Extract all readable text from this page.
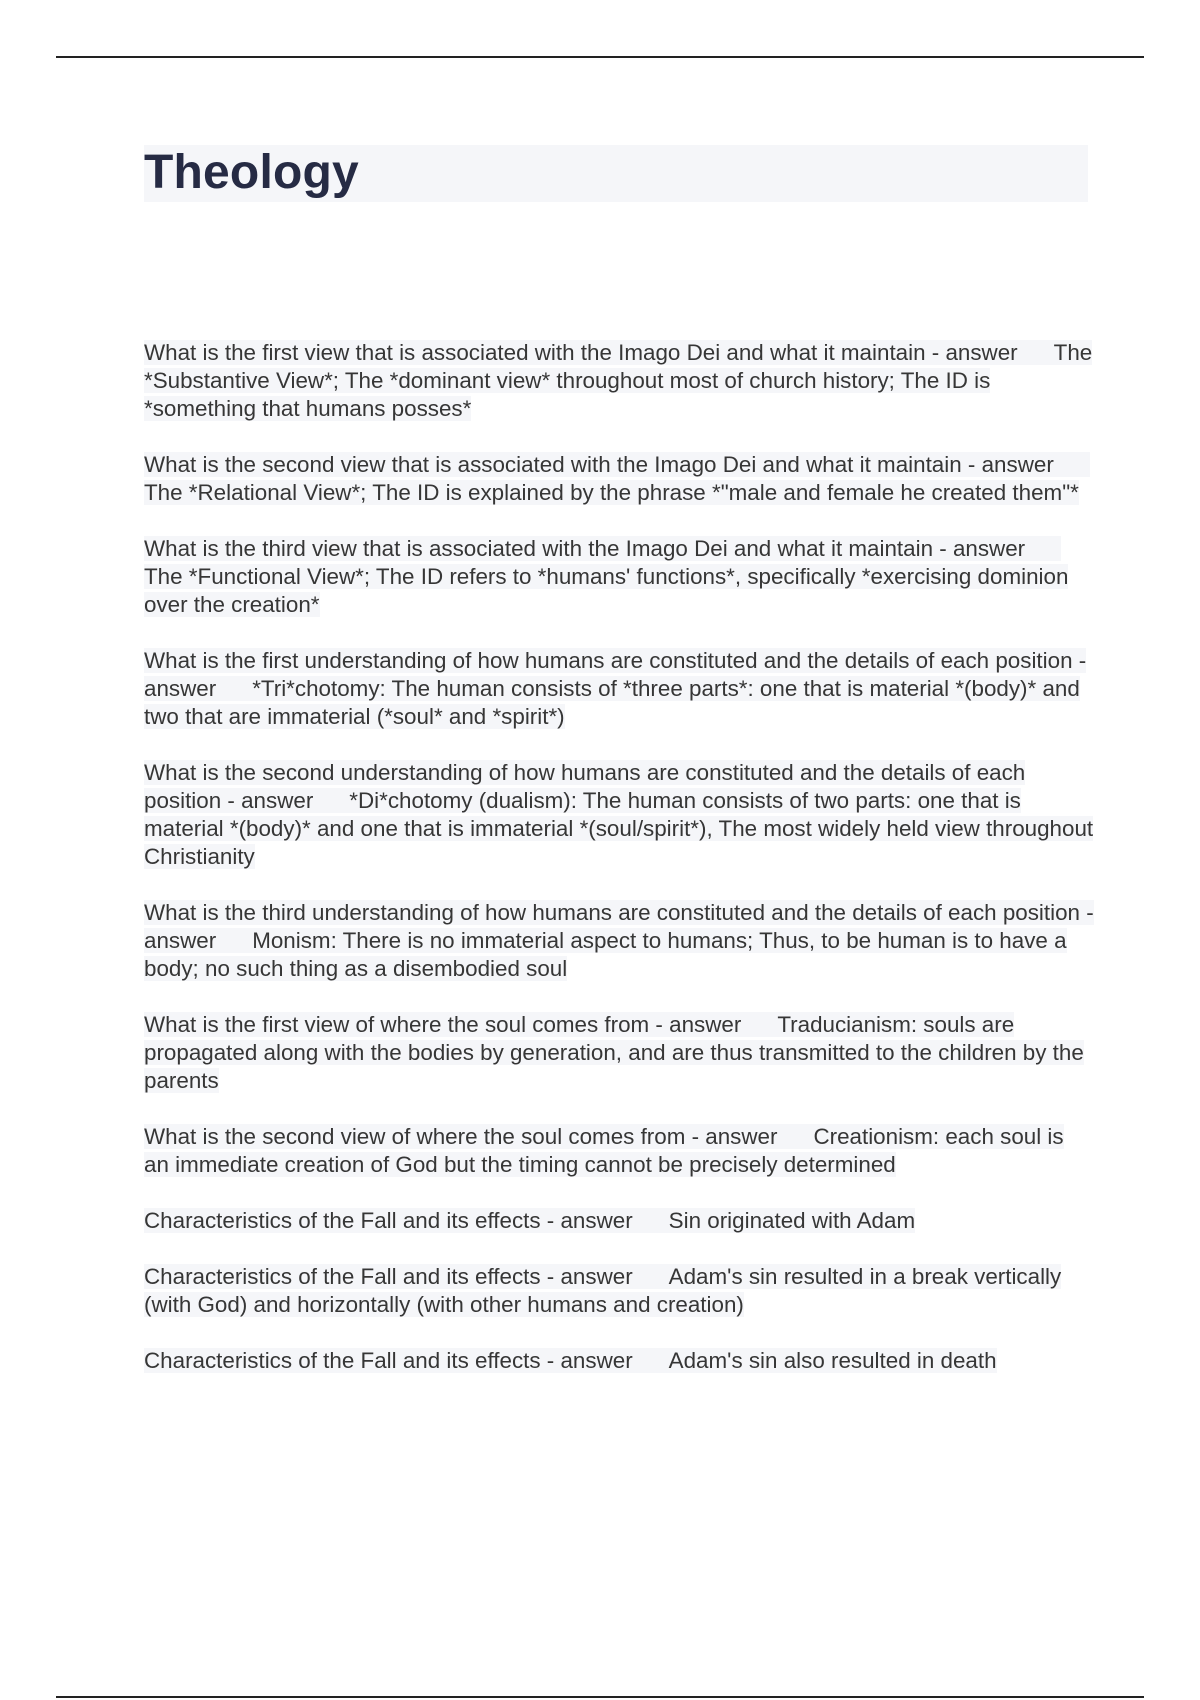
Theology
What is the first view that is associated with the Imago Dei and what it maintain - answer The *Substantive View*; The *dominant view* throughout most of church history; The ID is *something that humans posses*
What is the second view that is associated with the Imago Dei and what it maintain - answerThe *Relational View*; The ID is explained by the phrase *"male and female he created them"*
What is the third view that is associated with the Imago Dei and what it maintain - answerThe *Functional View*; The ID refers to *humans' functions*, specifically *exercising dominion over the creation*
What is the first understanding of how humans are constituted and the details of each position - answer *Tri*chotomy: The human consists of *three parts*: one that is material *(body)* and two that are immaterial (*soul* and *spirit*)
What is the second understanding of how humans are constituted and the details of each position - answer *Di*chotomy (dualism): The human consists of two parts: one that is material *(body)* and one that is immaterial *(soul/spirit*), The most widely held view throughout Christianity
What is the third understanding of how humans are constituted and the details of each position - answer Monism: There is no immaterial aspect to humans; Thus, to be human is to have a body; no such thing as a disembodied soul
What is the first view of where the soul comes from - answer Traducianism: souls are propagated along with the bodies by generation, and are thus transmitted to the children by the parents
What is the second view of where the soul comes from - answer Creationism: each soul is an immediate creation of God but the timing cannot be precisely determined
Characteristics of the Fall and its effects - answer Sin originated with Adam
Characteristics of the Fall and its effects - answer Adam's sin resulted in a break vertically (with God) and horizontally (with other humans and creation)
Characteristics of the Fall and its effects - answer Adam's sin also resulted in death
